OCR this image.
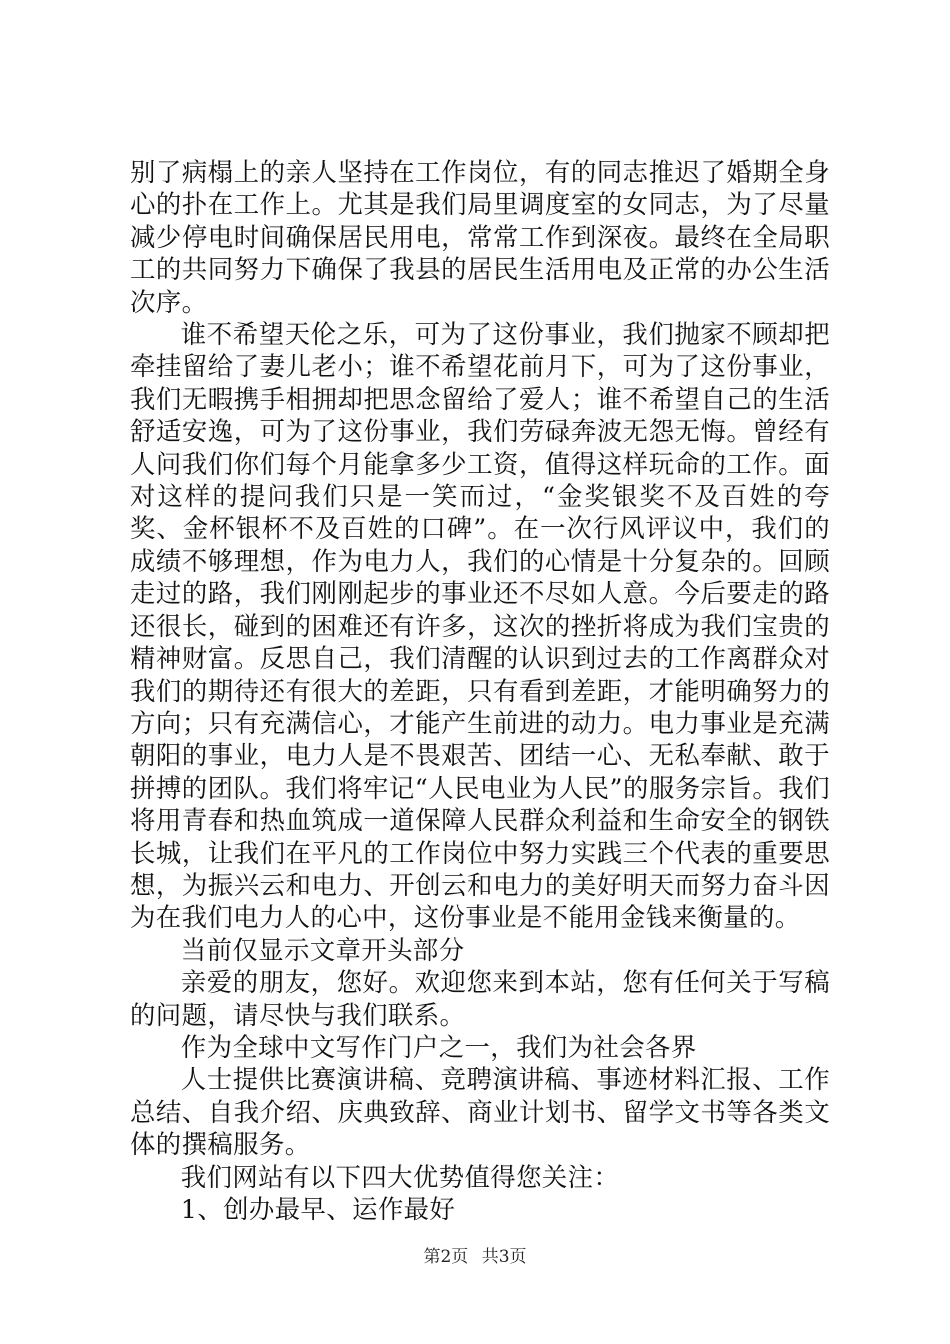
别了病榻上的亲人坚持在工作岗位，有的同志推迟了婚期全身心的扑在工作上。尤其是我们局里调度室的女同志，为了尽量减少停电时间确保居民用电，常常工作到深夜。最终在全局职工的共同努力下确保了我县的居民生活用电及正常的办公生活次序。

谁不希望天伦之乐，可为了这份事业，我们抛家不顾却把牵挂留给了妻儿老小；谁不希望花前月下，可为了这份事业，我们无暇携手相拥却把思念留给了爱人；谁不希望自己的生活舒适安逸，可为了这份事业，我们劳碌奔波无怨无悔。曾经有人问我们你们每个月能拿多少工资，值得这样玩命的工作。面对这样的提问我们只是一笑而过，“金奖银奖不及百姓的夸奖、金杯银杯不及百姓的口碑”。在一次行风评议中，我们的成绩不够理想，作为电力人，我们的心情是十分复杂的。回顾走过的路，我们刚刚起步的事业还不尽如人意。今后要走的路还很长，碰到的困难还有许多，这次的挫折将成为我们宝贵的精神财富。反思自己，我们清醒的认识到过去的工作离群众对我们的期待还有很大的差距，只有看到差距，才能明确努力的方向；只有充满信心，才能产生前进的动力。电力事业是充满朝阳的事业，电力人是不畏艰苦、团结一心、无私奉献、敢于拼搏的团队。我们将牢记“人民电业为人民”的服务宗旨。我们将用青春和热血筑成一道保障人民群众利益和生命安全的钢铁长城，让我们在平凡的工作岗位中努力实践三个代表的重要思想，为振兴云和电力、开创云和电力的美好明天而努力奋斗因为在我们电力人的心中，这份事业是不能用金钱来衡量的。

当前仅显示文章开头部分

亲爱的朋友，您好。欢迎您来到本站，您有任何关于写稿的问题，请尽快与我们联系。

作为全球中文写作门户之一，我们为社会各界

人士提供比赛演讲稿、竞聘演讲稿、事迹材料汇报、工作总结、自我介绍、庆典致辞、商业计划书、留学文书等各类文体的撰稿服务。

我们网站有以下四大优势值得您关注：

1、创办最早、运作最好

第2页 共3页
